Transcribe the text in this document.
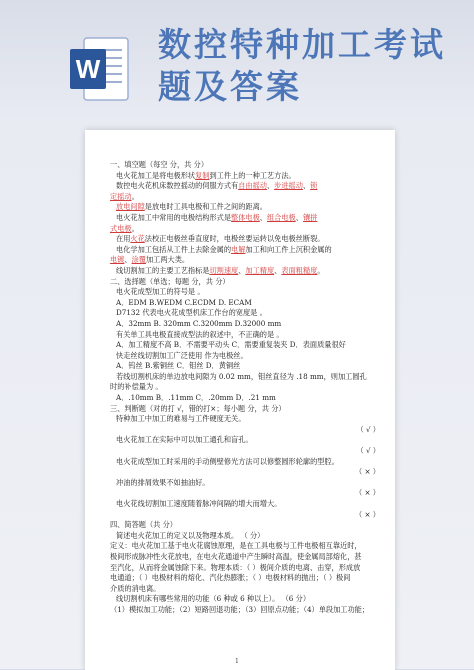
W
数控特种加工考试
题及答案
一、填空题（每空 分，共 分）
电火花加工是将电极形状复制到工件上的一种工艺方法。
数控电火花机床数控摇动的伺服方式有自由摇动、步进摇动、锁
定摇动。
放电间隙是放电时工具电极和工件之间的距离。
电火花加工中常用的电极结构形式是整体电极、组合电极、镶拼
式电极。
在用火花法校正电极丝垂直度时，电极丝要运转以免电极丝断裂。
电化学加工包括从工件上去除金属的电解加工和向工件上沉积金属的
电镀、涂覆加工两大类。
线切割加工的主要工艺指标是切割速度、加工精度、表面粗糙度。
二、选择题（单选；每题 分，共 分）
电火花成型加工的符号是 。
A．EDM B.WEDM C.ECDM D. ECAM
D7132 代表电火花成型机床工作台的宽度是 。
A．32mm B. 320mm C.3200mm D.32000 mm
有关单工具电极直接成型法的叙述中，不正确的是 。
A．加工精度不高 B．不需要平动头 C．需要重复装夹 D．表面质量很好
快走丝线切割加工广泛使用 作为电极丝。
A．钨丝 B.紫铜丝 C．钼丝 D．黄铜丝
若线切割机床的单边放电间隙为 0.02 mm，钼丝直径为 .18 mm，则加工圆孔
时的补偿量为 。
A．.10mm B．.11mm C．.20mm D．.21 mm
三、判断题（对的打 √，错的打×；每小题 分，共 分）
特种加工中加工的难易与工件硬度无关。
（ √ ）
电火花加工在实际中可以加工通孔和盲孔。
（ √ ）
电火花成型加工时采用的手动侧壁修光方法可以修整圆形轮廓的型腔。
（ × ）
冲油的排屑效果不如抽油好。
（ × ）
电火花线切割加工速度随着脉冲间隔的增大而增大。
（ × ）
四、简答题（共 分）
简述电火花加工的定义以及物理本质。 （ 分）
定义：电火花加工基于电火花腐蚀原理，是在工具电极与工件电极相互靠近时，
极间形成脉冲性火花放电，在电火花通道中产生瞬时高温，使金属局部熔化，甚
至汽化，从而将金属蚀除下来。物理本质：（ ）极间介质的电离、击穿，形成放
电通道；（ ）电极材料的熔化、汽化热膨胀；（ ）电极材料的抛出；（ ）极间
介质的消电离。
线切割机床有哪些常用的功能（6 种或 6 种以上）。 （6 分）
（1）模拟加工功能；（2）短路回退功能；（3）回原点功能；（4）单段加工功能；
1
